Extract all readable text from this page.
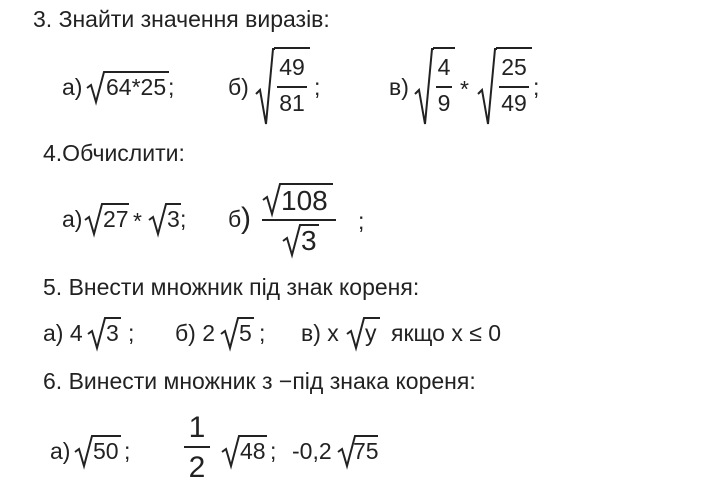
3. Знайти значення виразів:
а) 64*25 ; б)
49
81
;	в)
4
9
*
25
49
;
4.Обчислити:
а) 27 * 3 ; б )
108
3
;
5. Внести множник під знак кореня:
а) 4 3 ; б) 2 5 ; в) х у якщо х ≤ 0
6. Винести множник з −під знака кореня:
а) 50 ;
1
2	48 ; -0,2 75
